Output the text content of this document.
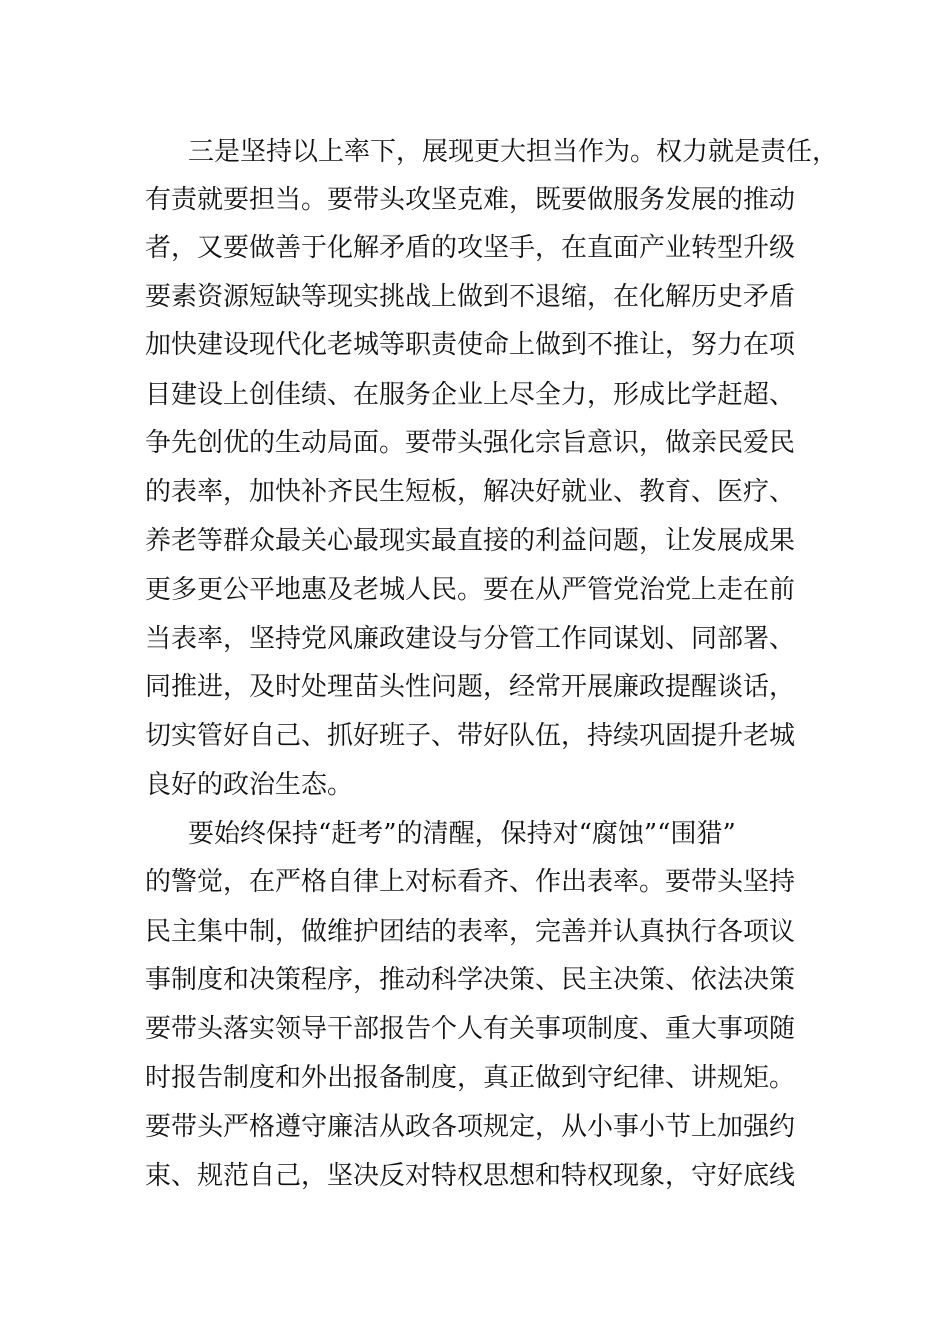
三是坚持以上率下，展现更大担当作为。权力就是责任，
有责就要担当。要带头攻坚克难，既要做服务发展的推动
者，又要做善于化解矛盾的攻坚手，在直面产业转型升级
要素资源短缺等现实挑战上做到不退缩，在化解历史矛盾
加快建设现代化老城等职责使命上做到不推让，努力在项
目建设上创佳绩、在服务企业上尽全力，形成比学赶超、
争先创优的生动局面。要带头强化宗旨意识，做亲民爱民
的表率，加快补齐民生短板，解决好就业、教育、医疗、
养老等群众最关心最现实最直接的利益问题，让发展成果
更多更公平地惠及老城人民。要在从严管党治党上走在前
当表率，坚持党风廉政建设与分管工作同谋划、同部署、
同推进，及时处理苗头性问题，经常开展廉政提醒谈话，
切实管好自己、抓好班子、带好队伍，持续巩固提升老城
良好的政治生态。
要始终保持“赶考”的清醒，保持对“腐蚀”“围猎”
的警觉，在严格自律上对标看齐、作出表率。要带头坚持
民主集中制，做维护团结的表率，完善并认真执行各项议
事制度和决策程序，推动科学决策、民主决策、依法决策
要带头落实领导干部报告个人有关事项制度、重大事项随
时报告制度和外出报备制度，真正做到守纪律、讲规矩。
要带头严格遵守廉洁从政各项规定，从小事小节上加强约
束、规范自己，坚决反对特权思想和特权现象，守好底线
